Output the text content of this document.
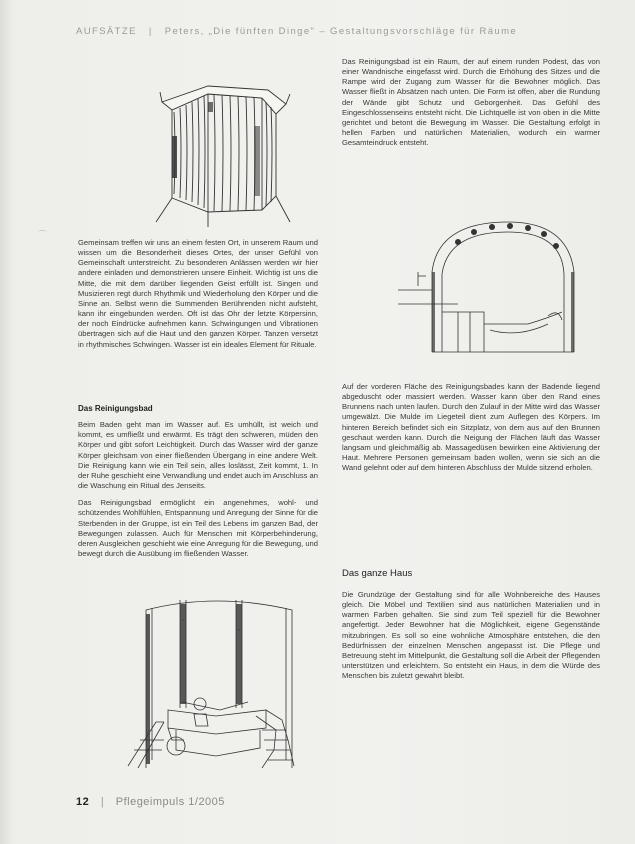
AUFSÄTZE | Peters, „Die fünften Dinge" – Gestaltungsvorschläge für Räume
⌒

Gemeinsam treffen wir uns an einem festen Ort, in unserem Raum und wissen um die Besonderheit dieses Ortes, der unser Gefühl von Gemeinschaft unterstreicht. Zu besonderen Anlässen werden wir hier andere einladen und demonstrieren unsere Einheit. Wichtig ist uns die Mitte, die mit dem darüber liegenden Geist erfüllt ist. Singen und Musizieren regt durch Rhythmik und Wiederholung den Körper und die Sinne an. Selbst wenn die Summenden Berührenden nicht aufsteht, kann ihr eingebunden werden. Oft ist das Ohr der letzte Körpersinn, der noch Eindrücke aufnehmen kann. Schwingungen und Vibrationen übertragen sich auf die Haut und den ganzen Körper. Tanzen versetzt in rhythmisches Schwingen. Wasser ist ein ideales Element für Rituale.

Das Reinigungsbad

Beim Baden geht man im Wasser auf. Es umhüllt, ist weich und kommt, es umfließt und erwärmt. Es trägt den schweren, müden den Körper und gibt sofort Leichtigkeit. Durch das Wasser wird der ganze Körper gleichsam von einer fließenden Übergang in eine andere Welt. Die Reinigung kann wie ein Teil sein, alles loslässt, Zeit kommt, 1. In der Ruhe geschieht eine Verwandlung und endet auch im Anschluss an die Waschung ein Ritual des Jenseits.

Das Reinigungsbad ermöglicht ein angenehmes, wohl- und schützendes Wohlfühlen, Entspannung und Anregung der Sinne für die Sterbenden in der Gruppe, ist ein Teil des Lebens im ganzen Bad, der Bewegungen zulassen. Auch für Menschen mit Körperbehinderung, deren Ausgleichen geschieht wie eine Anregung für die Bewegung, und bewegt durch die Ausübung im fließenden Wasser.

Das Reinigungsbad ist ein Raum, der auf einem runden Podest, das von einer Wandnische eingefasst wird. Durch die Erhöhung des Sitzes und die Rampe wird der Zugang zum Wasser für die Bewohner möglich. Das Wasser fließt in Absätzen nach unten. Die Form ist offen, aber die Rundung der Wände gibt Schutz und Geborgenheit. Das Gefühl des Eingeschlossenseins entsteht nicht. Die Lichtquelle ist von oben in die Mitte gerichtet und betont die Bewegung im Wasser. Die Gestaltung erfolgt in hellen Farben und natürlichen Materialien, wodurch ein warmer Gesamteindruck entsteht.

Auf der vorderen Fläche des Reinigungsbades kann der Badende liegend abgeduscht oder massiert werden. Wasser kann über den Rand eines Brunnens nach unten laufen. Durch den Zulauf in der Mitte wird das Wasser umgewälzt. Die Mulde im Liegeteil dient zum Auflegen des Körpers. Im hinteren Bereich befindet sich ein Sitzplatz, von dem aus auf den Brunnen geschaut werden kann. Durch die Neigung der Flächen läuft das Wasser langsam und gleichmäßig ab. Massagedüsen bewirken eine Aktivierung der Haut. Mehrere Personen gemeinsam baden wollen, wenn sie sich an die Wand gelehnt oder auf dem hinteren Abschluss der Mulde sitzend erholen.

Das ganze Haus

Die Grundzüge der Gestaltung sind für alle Wohnbereiche des Hauses gleich. Die Möbel und Textilien sind aus natürlichen Materialien und in warmen Farben gehalten. Sie sind zum Teil speziell für die Bewohner angefertigt. Jeder Bewohner hat die Möglichkeit, eigene Gegenstände mitzubringen. Es soll so eine wohnliche Atmosphäre entstehen, die den Bedürfnissen der einzelnen Menschen angepasst ist. Die Pflege und Betreuung steht im Mittelpunkt, die Gestaltung soll die Arbeit der Pflegenden unterstützen und erleichtern. So entsteht ein Haus, in dem die Würde des Menschen bis zuletzt gewahrt bleibt.

12 | Pflegeimpuls 1/2005
